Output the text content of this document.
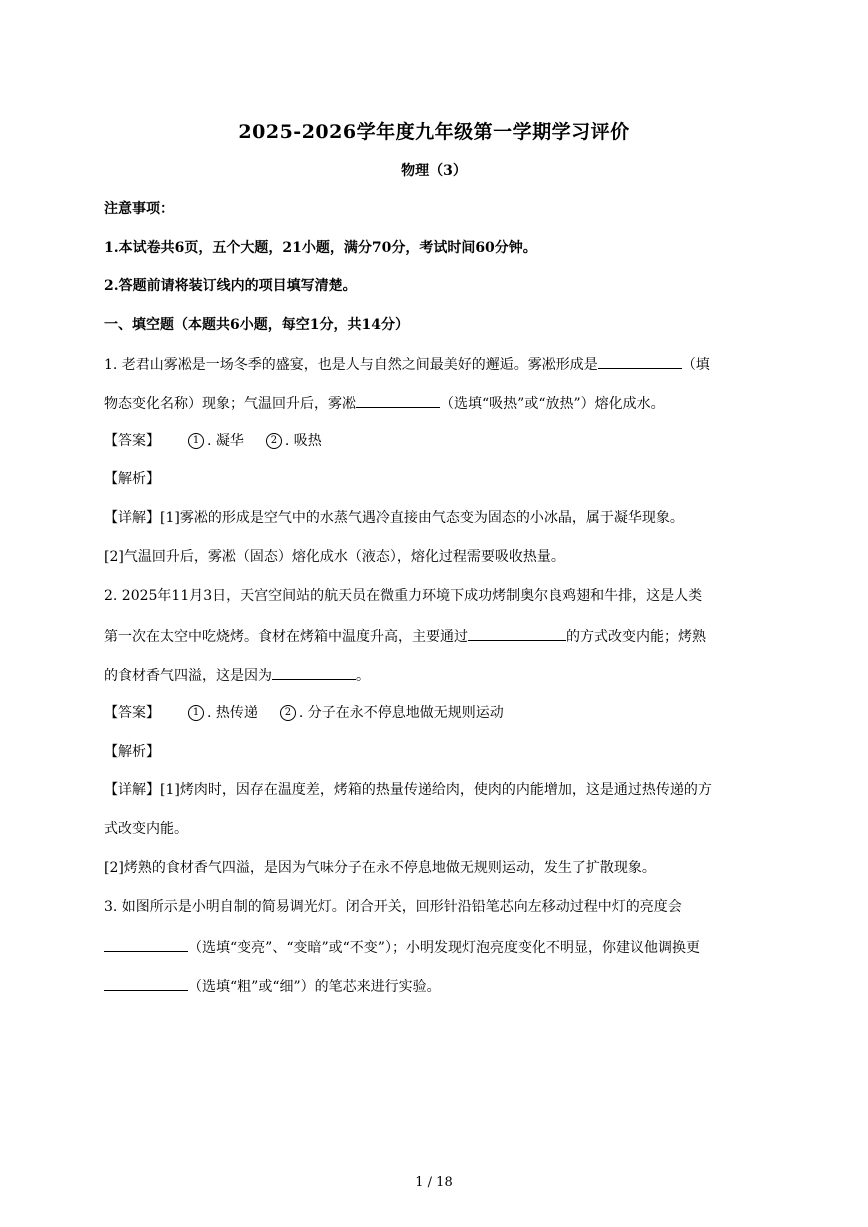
2025-2026学年度九年级第一学期学习评价
物理（3）
注意事项：
1.本试卷共6页，五个大题，21小题，满分70分，考试时间60分钟。
2.答题前请将装订线内的项目填写清楚。
一、填空题（本题共6小题，每空1分，共14分）
1. 老君山雾凇是一场冬季的盛宴，也是人与自然之间最美好的邂逅。雾凇形成是	（填
物态变化名称）现象；气温回升后，雾凇	（选填“吸热”或“放热”）熔化成水。
【答案】	1 . 凝华	2 . 吸热
【解析】
【详解】[1]雾凇的形成是空气中的水蒸气遇冷直接由气态变为固态的小冰晶，属于凝华现象。
[2]气温回升后，雾凇（固态）熔化成水（液态），熔化过程需要吸收热量。
2. 2025年11月3日，天宫空间站的航天员在微重力环境下成功烤制奥尔良鸡翅和牛排，这是人类
第一次在太空中吃烧烤。食材在烤箱中温度升高，主要通过	的方式改变内能；烤熟
的食材香气四溢，这是因为	。
【答案】	1 . 热传递	2 . 分子在永不停息地做无规则运动
【解析】
【详解】[1]烤肉时，因存在温度差，烤箱的热量传递给肉，使肉的内能增加，这是通过热传递的方
式改变内能。
[2]烤熟的食材香气四溢，是因为气味分子在永不停息地做无规则运动，发生了扩散现象。
3. 如图所示是小明自制的简易调光灯。闭合开关，回形针沿铅笔芯向左移动过程中灯的亮度会
（选填“变亮”、“变暗”或“不变”）；小明发现灯泡亮度变化不明显，你建议他调换更
（选填“粗”或“细”）的笔芯来进行实验。
1 / 18
